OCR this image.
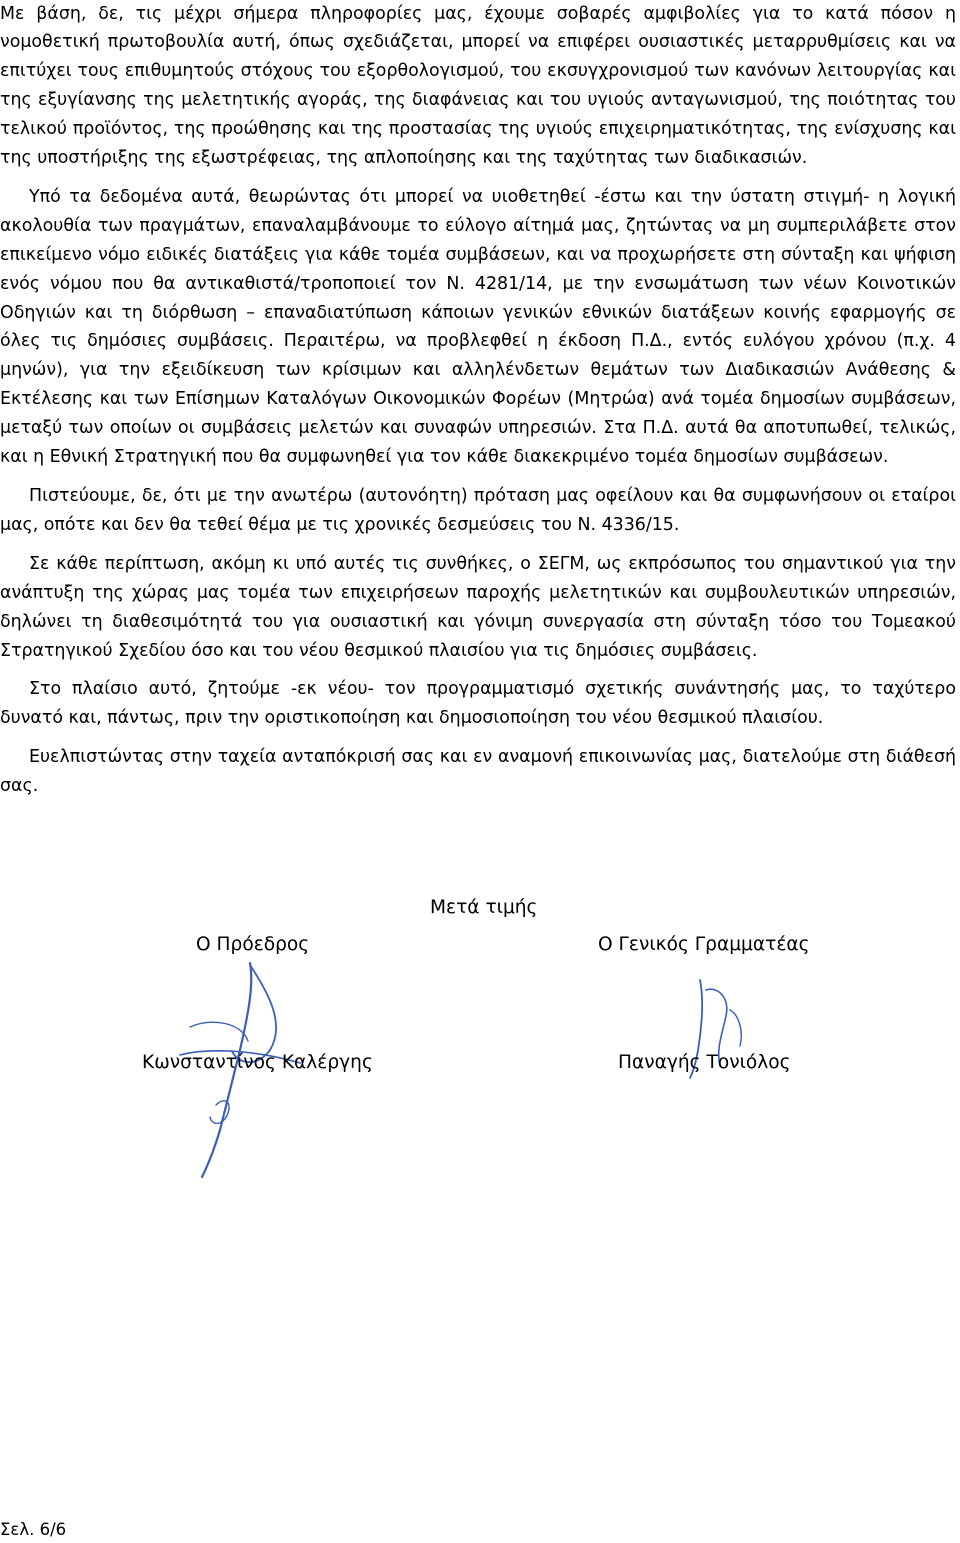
Με βάση, δε, τις μέχρι σήμερα πληροφορίες μας, έχουμε σοβαρές αμφιβολίες για το κατά πόσον η νομοθετική πρωτοβουλία αυτή, όπως σχεδιάζεται, μπορεί να επιφέρει ουσιαστικές μεταρρυθμίσεις και να επιτύχει τους επιθυμητούς στόχους του εξορθολογισμού, του εκσυγχρονισμού των κανόνων λειτουργίας και της εξυγίανσης της μελετητικής αγοράς, της διαφάνειας και του υγιούς ανταγωνισμού, της ποιότητας του τελικού προϊόντος, της προώθησης και της προστασίας της υγιούς επιχειρηματικότητας, της ενίσχυσης και της υποστήριξης της εξωστρέφειας, της απλοποίησης και της ταχύτητας των διαδικασιών.

Υπό τα δεδομένα αυτά, θεωρώντας ότι μπορεί να υιοθετηθεί -έστω και την ύστατη στιγμή- η λογική ακολουθία των πραγμάτων, επαναλαμβάνουμε το εύλογο αίτημά μας, ζητώντας να μη συμπεριλάβετε στον επικείμενο νόμο ειδικές διατάξεις για κάθε τομέα συμβάσεων, και να προχωρήσετε στη σύνταξη και ψήφιση ενός νόμου που θα αντικαθιστά/τροποποιεί τον Ν. 4281/14, με την ενσωμάτωση των νέων Κοινοτικών Οδηγιών και τη διόρθωση – επαναδιατύπωση κάποιων γενικών εθνικών διατάξεων κοινής εφαρμογής σε όλες τις δημόσιες συμβάσεις. Περαιτέρω, να προβλεφθεί η έκδοση Π.Δ., εντός ευλόγου χρόνου (π.χ. 4 μηνών), για την εξειδίκευση των κρίσιμων και αλληλένδετων θεμάτων των Διαδικασιών Ανάθεσης & Εκτέλεσης και των Επίσημων Καταλόγων Οικονομικών Φορέων (Μητρώα) ανά τομέα δημοσίων συμβάσεων, μεταξύ των οποίων οι συμβάσεις μελετών και συναφών υπηρεσιών. Στα Π.Δ. αυτά θα αποτυπωθεί, τελικώς, και η Εθνική Στρατηγική που θα συμφωνηθεί για τον κάθε διακεκριμένο τομέα δημοσίων συμβάσεων.

Πιστεύουμε, δε, ότι με την ανωτέρω (αυτονόητη) πρόταση μας οφείλουν και θα συμφωνήσουν οι εταίροι μας, οπότε και δεν θα τεθεί θέμα με τις χρονικές δεσμεύσεις του Ν. 4336/15.

Σε κάθε περίπτωση, ακόμη κι υπό αυτές τις συνθήκες, ο ΣΕΓΜ, ως εκπρόσωπος του σημαντικού για την ανάπτυξη της χώρας μας τομέα των επιχειρήσεων παροχής μελετητικών και συμβουλευτικών υπηρεσιών, δηλώνει τη διαθεσιμότητά του για ουσιαστική και γόνιμη συνεργασία στη σύνταξη τόσο του Τομεακού Στρατηγικού Σχεδίου όσο και του νέου θεσμικού πλαισίου για τις δημόσιες συμβάσεις.

Στο πλαίσιο αυτό, ζητούμε -εκ νέου- τον προγραμματισμό σχετικής συνάντησής μας, το ταχύτερο δυνατό και, πάντως, πριν την οριστικοποίηση και δημοσιοποίηση του νέου θεσμικού πλαισίου.

Ευελπιστώντας στην ταχεία ανταπόκρισή σας και εν αναμονή επικοινωνίας μας, διατελούμε στη διάθεσή σας.

Μετά τιμής
Ο Πρόεδρος	Ο Γενικός Γραμματέας
Κωνσταντίνος Καλέργης	Παναγής Τονιόλος
Σελ. 6/6
